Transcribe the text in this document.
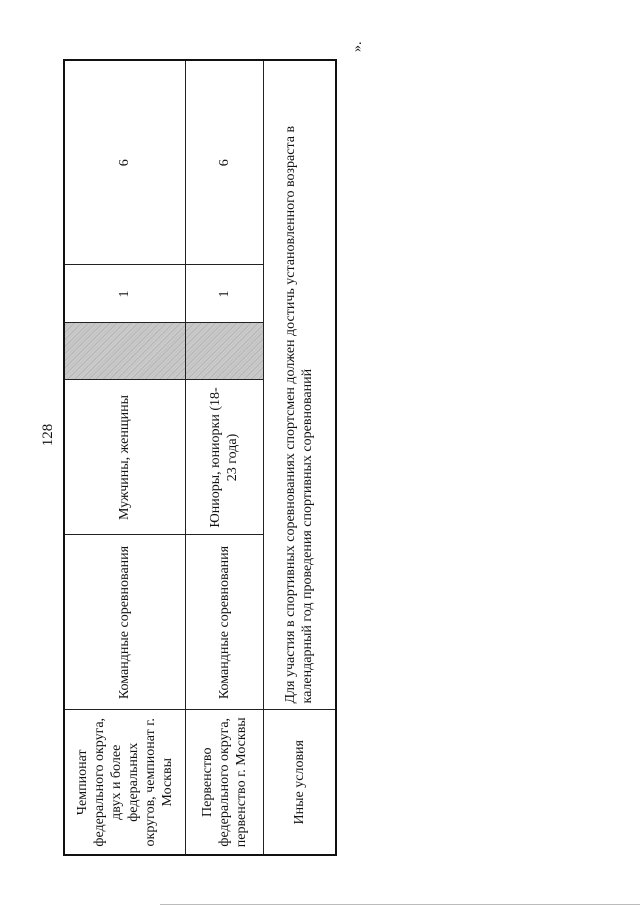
128
».
Чемпионат федерального округа, двух и более федеральных округов, чемпионат г. Москвы	Командные соревнования	Мужчины, женщины		1	6
Первенство федерального округа, первенство г. Москвы	Командные соревнования	Юниоры, юниорки (18-23 года)		1	6
Иные условия	Для участия в спортивных соревнованиях спортсмен должен достичь установленного возраста в календарный год проведения спортивных соревнований				
